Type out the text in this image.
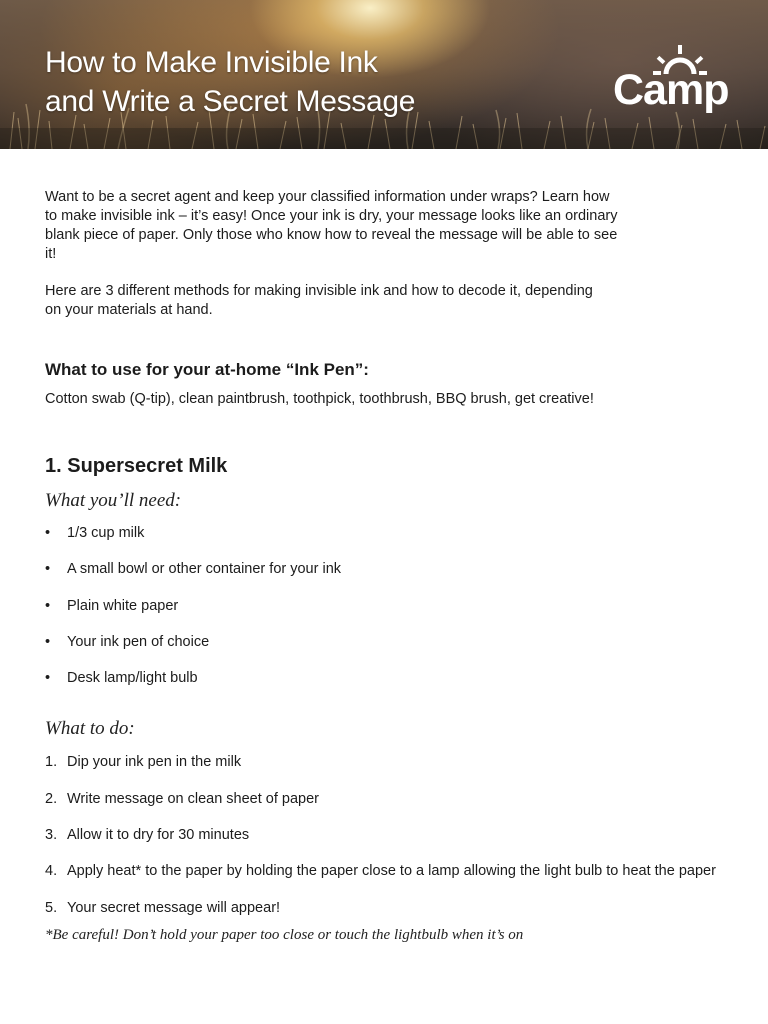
How to Make Invisible Ink
and Write a Secret Message	Camp

Want to be a secret agent and keep your classified information under wraps? Learn how to make invisible ink – it’s easy! Once your ink is dry, your message looks like an ordinary blank piece of paper. Only those who know how to reveal the message will be able to see it!

Here are 3 different methods for making invisible ink and how to decode it, depending on your materials at hand.

What to use for your at-home “Ink Pen”:

Cotton swab (Q-tip), clean paintbrush, toothpick, toothbrush, BBQ brush, get creative!

1. Supersecret Milk
What you’ll need:
• 1/3 cup milk
• A small bowl or other container for your ink
• Plain white paper
• Your ink pen of choice
• Desk lamp/light bulb
What to do:
1. Dip your ink pen in the milk
2. Write message on clean sheet of paper
3. Allow it to dry for 30 minutes
4. Apply heat* to the paper by holding the paper close to a lamp allowing the light bulb to heat the paper
5. Your secret message will appear!

*Be careful! Don’t hold your paper too close or touch the lightbulb when it’s on
